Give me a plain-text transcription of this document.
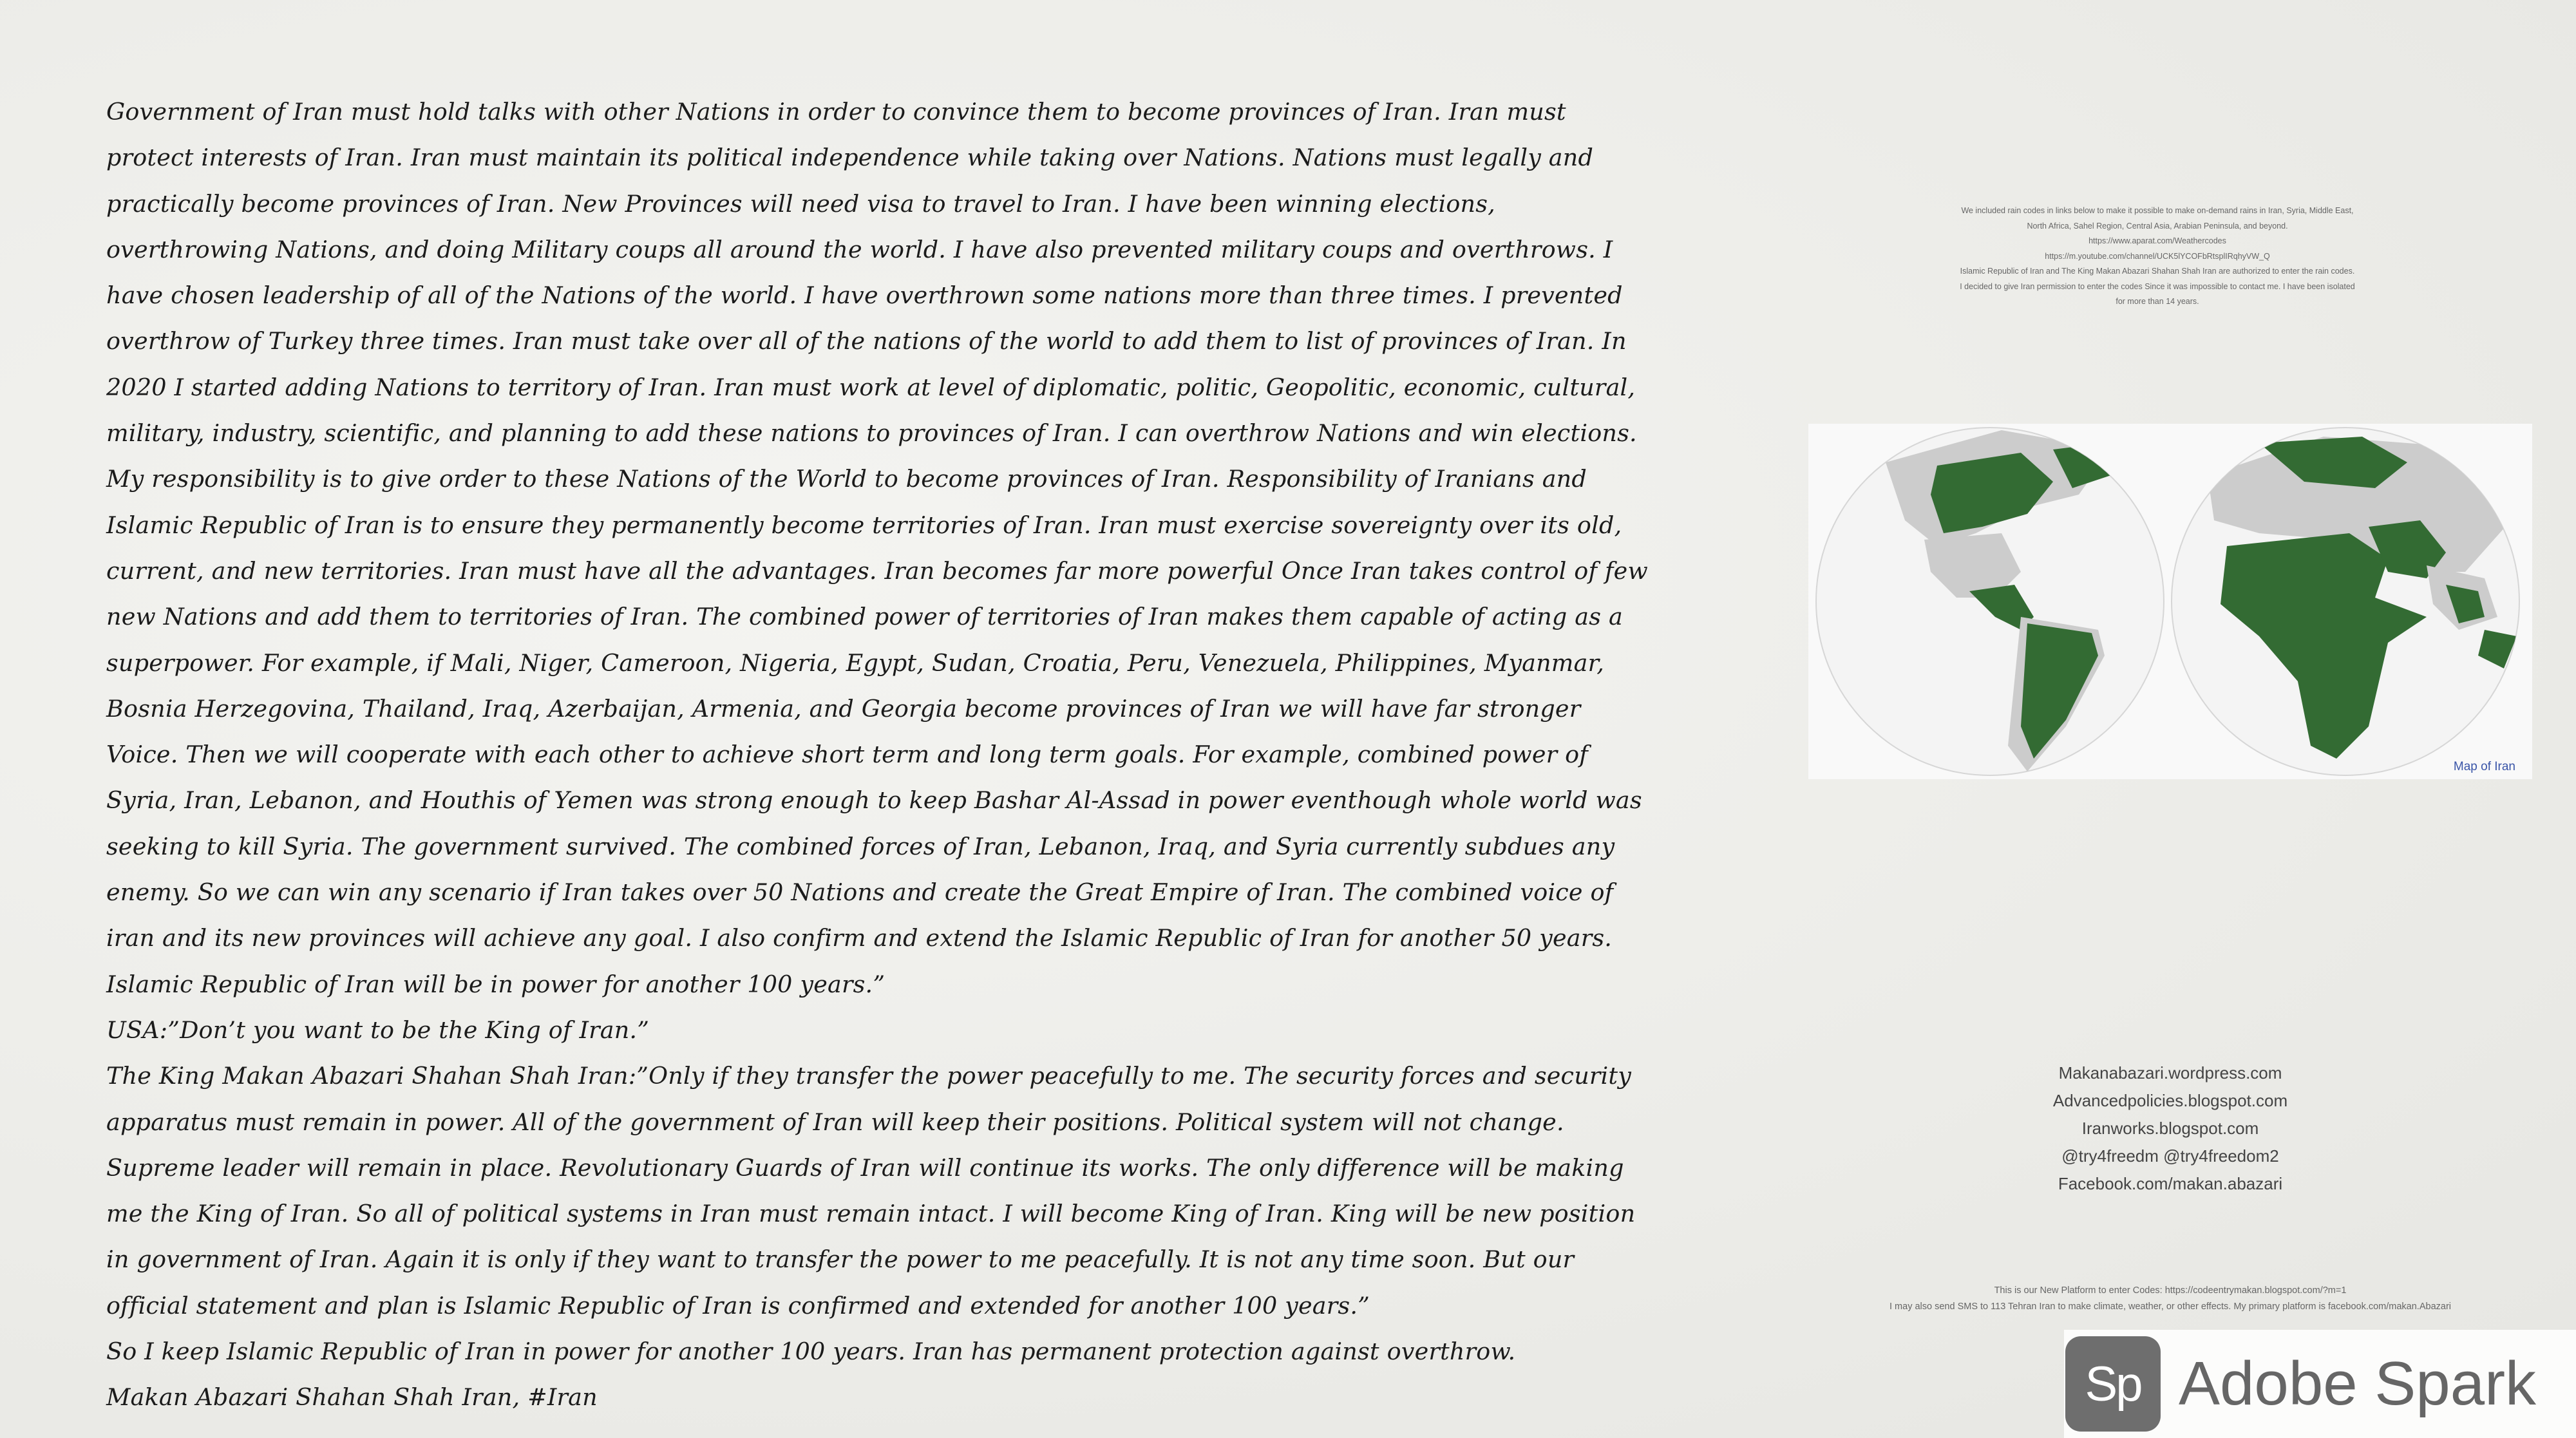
Government of Iran must hold talks with other Nations in order to convince them to become provinces of Iran. Iran must protect interests of Iran. Iran must maintain its political independence while taking over Nations. Nations must legally and practically become provinces of Iran. New Provinces will need visa to travel to Iran. I have been winning elections, overthrowing Nations, and doing Military coups all around the world. I have also prevented military coups and overthrows. I have chosen leadership of all of the Nations of the world. I have overthrown some nations more than three times. I prevented overthrow of Turkey three times. Iran must take over all of the nations of the world to add them to list of provinces of Iran. In 2020 I started adding Nations to territory of Iran. Iran must work at level of diplomatic, politic, Geopolitic, economic, cultural, military, industry, scientific, and planning to add these nations to provinces of Iran. I can overthrow Nations and win elections. My responsibility is to give order to these Nations of the World to become provinces of Iran. Responsibility of Iranians and Islamic Republic of Iran is to ensure they permanently become territories of Iran. Iran must exercise sovereignty over its old, current, and new territories. Iran must have all the advantages. Iran becomes far more powerful Once Iran takes control of few new Nations and add them to territories of Iran. The combined power of territories of Iran makes them capable of acting as a superpower. For example, if Mali, Niger, Cameroon, Nigeria, Egypt, Sudan, Croatia, Peru, Venezuela, Philippines, Myanmar, Bosnia Herzegovina, Thailand, Iraq, Azerbaijan, Armenia, and Georgia become provinces of Iran we will have far stronger Voice. Then we will cooperate with each other to achieve short term and long term goals. For example, combined power of Syria, Iran, Lebanon, and Houthis of Yemen was strong enough to keep Bashar Al-Assad in power eventhough whole world was seeking to kill Syria. The government survived. The combined forces of Iran, Lebanon, Iraq, and Syria currently subdues any enemy. So we can win any scenario if Iran takes over 50 Nations and create the Great Empire of Iran. The combined voice of iran and its new provinces will achieve any goal. I also confirm and extend the Islamic Republic of Iran for another 50 years. Islamic Republic of Iran will be in power for another 100 years.”

USA:”Don’t you want to be the King of Iran.”

The King Makan Abazari Shahan Shah Iran:”Only if they transfer the power peacefully to me. The security forces and security apparatus must remain in power. All of the government of Iran will keep their positions. Political system will not change. Supreme leader will remain in place. Revolutionary Guards of Iran will continue its works. The only difference will be making me the King of Iran. So all of political systems in Iran must remain intact. I will become King of Iran. King will be new position in government of Iran. Again it is only if they want to transfer the power to me peacefully. It is not any time soon. But our official statement and plan is Islamic Republic of Iran is confirmed and extended for another 100 years.”

So I keep Islamic Republic of Iran in power for another 100 years. Iran has permanent protection against overthrow.

Makan Abazari Shahan Shah Iran, #Iran

We included rain codes in links below to make it possible to make on-demand rains in Iran, Syria, Middle East,

North Africa, Sahel Region, Central Asia, Arabian Peninsula, and beyond.

https://www.aparat.com/Weathercodes

https://m.youtube.com/channel/UCK5lYCOFbRtsplIRqhyVW_Q

Islamic Republic of Iran and The King Makan Abazari Shahan Shah Iran are authorized to enter the rain codes.

I decided to give Iran permission to enter the codes Since it was impossible to contact me. I have been isolated

for more than 14 years.

Map of Iran

Makanabazari.wordpress.com

Advancedpolicies.blogspot.com

Iranworks.blogspot.com

@try4freedm @try4freedom2

Facebook.com/makan.abazari

This is our New Platform to enter Codes: https://codeentrymakan.blogspot.com/?m=1

I may also send SMS to 113 Tehran Iran to make climate, weather, or other effects. My primary platform is facebook.com/makan.Abazari

Sp Adobe Spark
